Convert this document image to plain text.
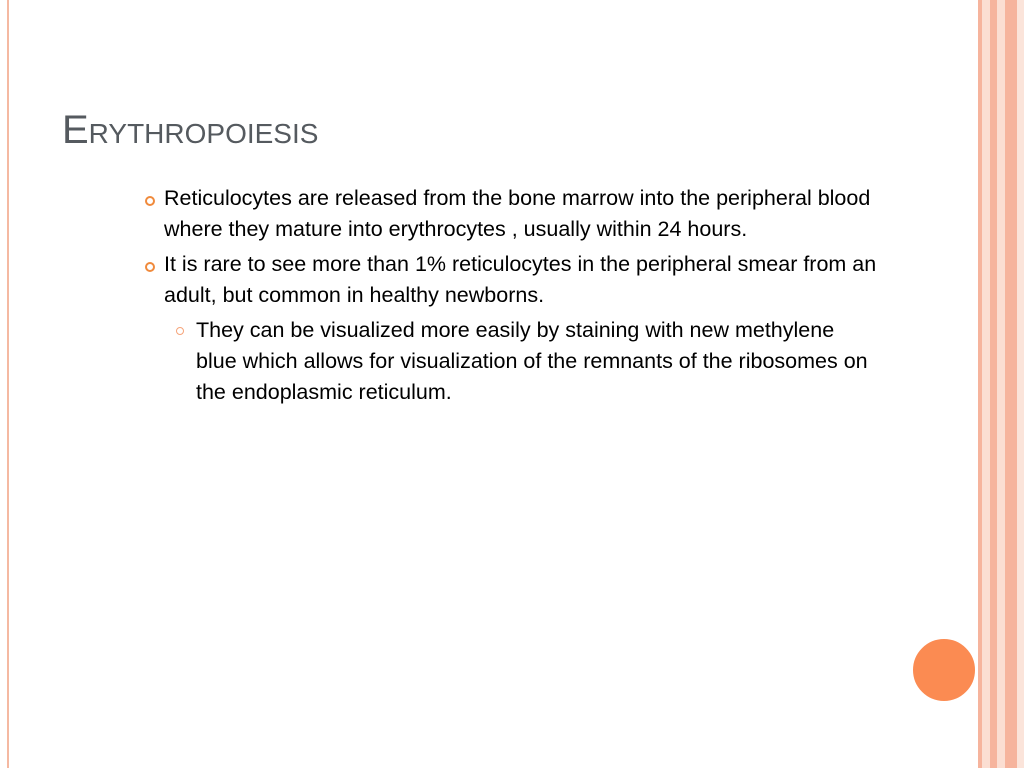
Erythropoiesis
Reticulocytes are released from the bone marrow into the peripheral blood where they mature into erythrocytes , usually within 24 hours.
It is rare to see more than 1% reticulocytes in the peripheral smear from an adult, but common in healthy newborns.
They can be visualized more easily by staining with new methylene blue which allows for visualization of the remnants of the ribosomes on the endoplasmic reticulum.
